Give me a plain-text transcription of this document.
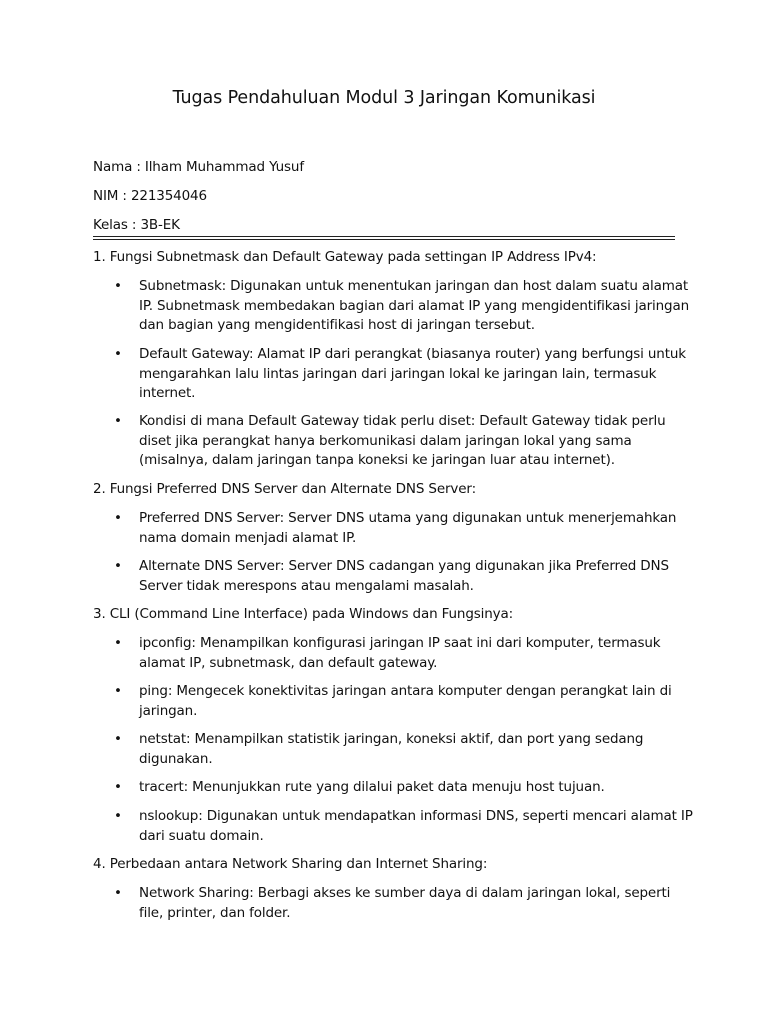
Tugas Pendahuluan Modul 3 Jaringan Komunikasi
Nama : Ilham Muhammad Yusuf
NIM : 221354046
Kelas : 3B-EK
1. Fungsi Subnetmask dan Default Gateway pada settingan IP Address IPv4:
• Subnetmask: Digunakan untuk menentukan jaringan dan host dalam suatu alamat
IP. Subnetmask membedakan bagian dari alamat IP yang mengidentifikasi jaringan
dan bagian yang mengidentifikasi host di jaringan tersebut.
• Default Gateway: Alamat IP dari perangkat (biasanya router) yang berfungsi untuk
mengarahkan lalu lintas jaringan dari jaringan lokal ke jaringan lain, termasuk
internet.
• Kondisi di mana Default Gateway tidak perlu diset: Default Gateway tidak perlu
diset jika perangkat hanya berkomunikasi dalam jaringan lokal yang sama
(misalnya, dalam jaringan tanpa koneksi ke jaringan luar atau internet).
2. Fungsi Preferred DNS Server dan Alternate DNS Server:
• Preferred DNS Server: Server DNS utama yang digunakan untuk menerjemahkan
nama domain menjadi alamat IP.
• Alternate DNS Server: Server DNS cadangan yang digunakan jika Preferred DNS
Server tidak merespons atau mengalami masalah.
3. CLI (Command Line Interface) pada Windows dan Fungsinya:
• ipconfig: Menampilkan konfigurasi jaringan IP saat ini dari komputer, termasuk
alamat IP, subnetmask, dan default gateway.
• ping: Mengecek konektivitas jaringan antara komputer dengan perangkat lain di
jaringan.
• netstat: Menampilkan statistik jaringan, koneksi aktif, dan port yang sedang
digunakan.
• tracert: Menunjukkan rute yang dilalui paket data menuju host tujuan.
• nslookup: Digunakan untuk mendapatkan informasi DNS, seperti mencari alamat IP
dari suatu domain.
4. Perbedaan antara Network Sharing dan Internet Sharing:
• Network Sharing: Berbagi akses ke sumber daya di dalam jaringan lokal, seperti
file, printer, dan folder.
